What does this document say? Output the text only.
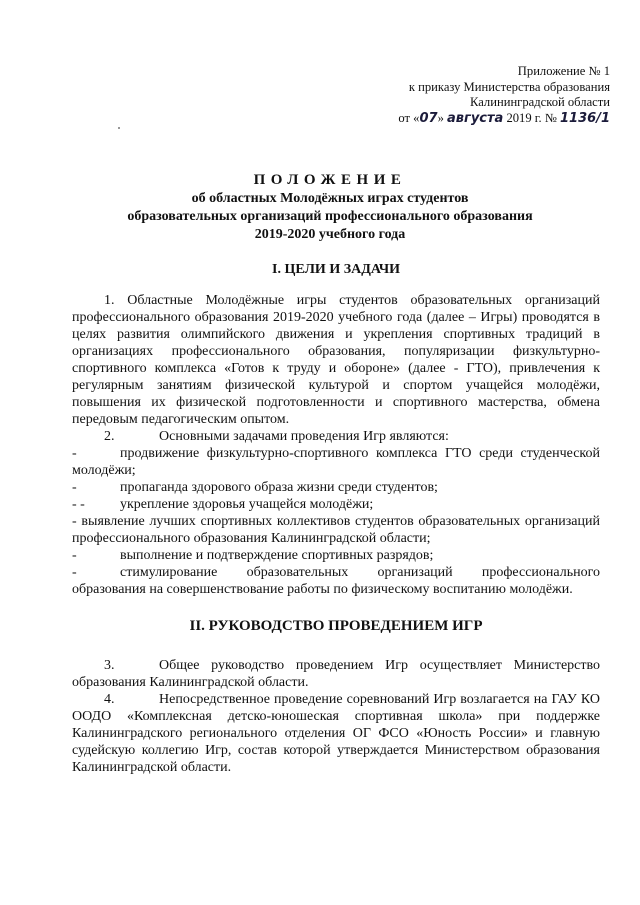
Приложение № 1
к приказу Министерства образования
Калининградской области
от «07» августа 2019 г. № 1136/1
ПОЛОЖЕНИЕ
об областных Молодёжных играх студентов
образовательных организаций профессионального образования
2019-2020 учебного года
I. ЦЕЛИ И ЗАДАЧИ

1. Областные Молодёжные игры студентов образовательных организаций профессионального образования 2019-2020 учебного года (далее – Игры) проводятся в целях развития олимпийского движения и укрепления спортивных традиций в организациях профессионального образования, популяризации физкультурно-спортивного комплекса «Готов к труду и обороне» (далее - ГТО), привлечения к регулярным занятиям физической культурой и спортом учащейся молодёжи, повышения их физической подготовленности и спортивного мастерства, обмена передовым педагогическим опытом.

2.	Основными задачами проведения Игр являются:

-	продвижение физкультурно-спортивного комплекса ГТО среди студенческой молодёжи;

-	пропаганда здорового образа жизни среди студентов;

- -	укрепление здоровья учащейся молодёжи;

- выявление лучших спортивных коллективов студентов образовательных организаций профессионального образования Калининградской области;

-	выполнение и подтверждение спортивных разрядов;

-	стимулирование образовательных организаций профессионального образования на совершенствование работы по физическому воспитанию молодёжи.

II. РУКОВОДСТВО ПРОВЕДЕНИЕМ ИГР

3.	Общее руководство проведением Игр осуществляет Министерство образования Калининградской области.

4.	Непосредственное проведение соревнований Игр возлагается на ГАУ КО ООДО «Комплексная детско-юношеская спортивная школа» при поддержке Калининградского регионального отделения ОГ ФСО «Юность России» и главную судейскую коллегию Игр, состав которой утверждается Министерством образования Калининградской области.
